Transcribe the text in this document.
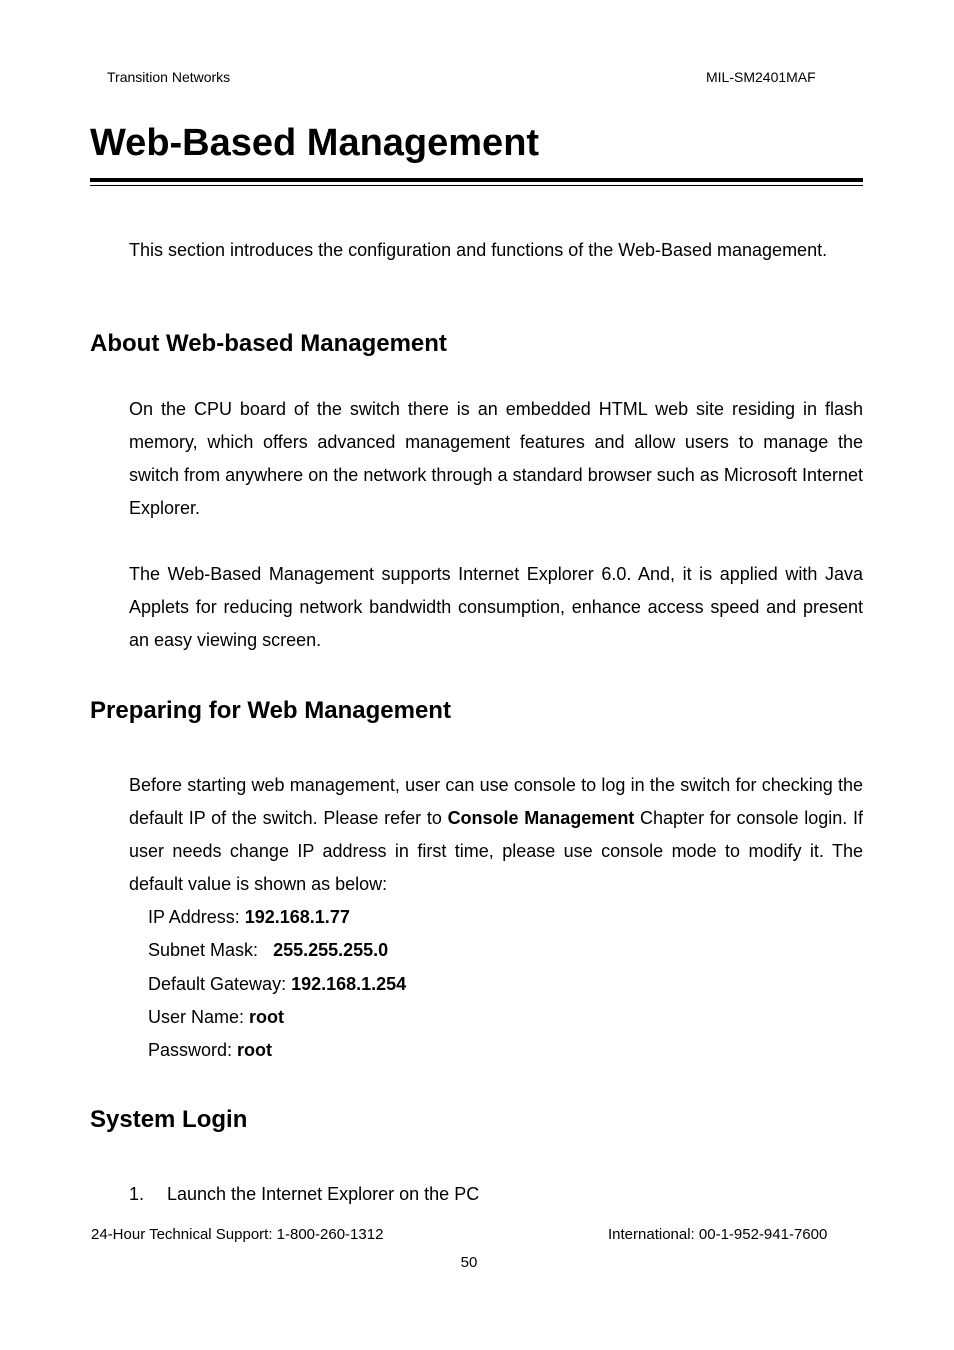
Transition Networks	MIL-SM2401MAF
Web-Based Management

This section introduces the configuration and functions of the Web-Based management.

About Web-based Management

On the CPU board of the switch there is an embedded HTML web site residing in flash memory, which offers advanced management features and allow users to manage the switch from anywhere on the network through a standard browser such as Microsoft Internet Explorer.

The Web-Based Management supports Internet Explorer 6.0. And, it is applied with Java Applets for reducing network bandwidth consumption, enhance access speed and present an easy viewing screen.

Preparing for Web Management

Before starting web management, user can use console to log in the switch for checking the default IP of the switch. Please refer to Console Management Chapter for console login. If user needs change IP address in first time, please use console mode to modify it. The default value is shown as below:

IP Address: 192.168.1.77
Subnet Mask:   255.255.255.0
Default Gateway: 192.168.1.254
User Name: root
Password: root
System Login
1. Launch the Internet Explorer on the PC
24-Hour Technical Support: 1-800-260-1312	International: 00-1-952-941-7600
50
